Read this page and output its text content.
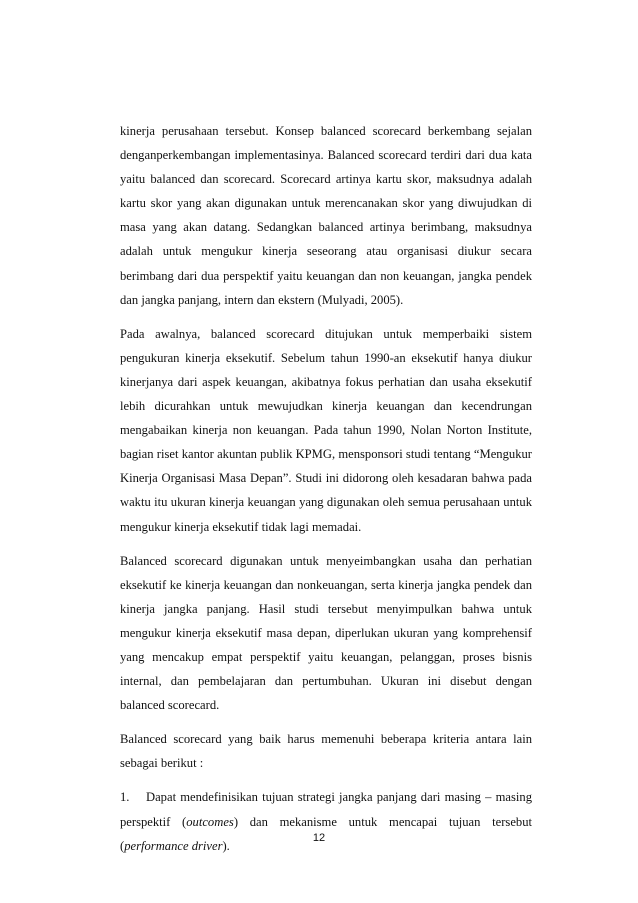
kinerja perusahaan tersebut. Konsep balanced scorecard berkembang sejalan denganperkembangan implementasinya. Balanced scorecard terdiri dari dua kata yaitu balanced dan scorecard. Scorecard artinya kartu skor, maksudnya adalah kartu skor yang akan digunakan untuk merencanakan skor yang diwujudkan di masa yang akan datang. Sedangkan balanced artinya berimbang, maksudnya adalah untuk mengukur kinerja seseorang atau organisasi diukur secara berimbang dari dua perspektif yaitu keuangan dan non keuangan, jangka pendek dan jangka panjang, intern dan ekstern (Mulyadi, 2005).

Pada awalnya, balanced scorecard ditujukan untuk memperbaiki sistem pengukuran kinerja eksekutif. Sebelum tahun 1990-an eksekutif hanya diukur kinerjanya dari aspek keuangan, akibatnya fokus perhatian dan usaha eksekutif lebih dicurahkan untuk mewujudkan kinerja keuangan dan kecendrungan mengabaikan kinerja non keuangan. Pada tahun 1990, Nolan Norton Institute, bagian riset kantor akuntan publik KPMG, mensponsori studi tentang “Mengukur Kinerja Organisasi Masa Depan”. Studi ini didorong oleh kesadaran bahwa pada waktu itu ukuran kinerja keuangan yang digunakan oleh semua perusahaan untuk mengukur kinerja eksekutif tidak lagi memadai.

Balanced scorecard digunakan untuk menyeimbangkan usaha dan perhatian eksekutif ke kinerja keuangan dan nonkeuangan, serta kinerja jangka pendek dan kinerja jangka panjang. Hasil studi tersebut menyimpulkan bahwa untuk mengukur kinerja eksekutif masa depan, diperlukan ukuran yang komprehensif yang mencakup empat perspektif yaitu keuangan, pelanggan, proses bisnis internal, dan pembelajaran dan pertumbuhan. Ukuran ini disebut dengan balanced scorecard.

Balanced scorecard yang baik harus memenuhi beberapa kriteria antara lain sebagai berikut :

1. Dapat mendefinisikan tujuan strategi jangka panjang dari masing – masing perspektif (outcomes) dan mekanisme untuk mencapai tujuan tersebut (performance driver).

12
